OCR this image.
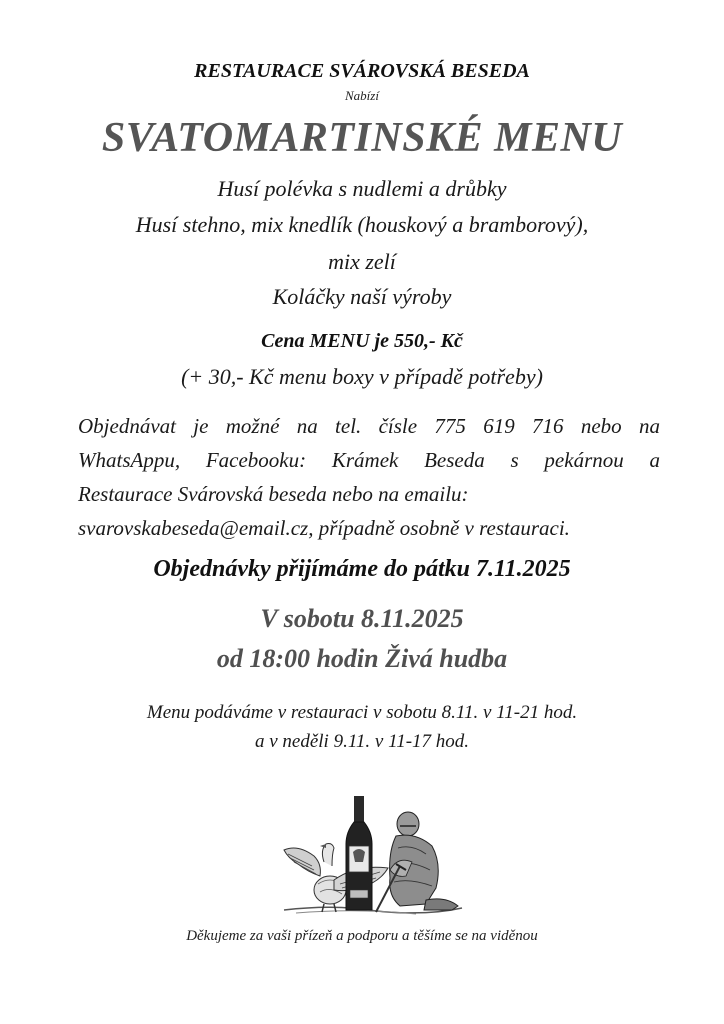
RESTAURACE SVÁROVSKÁ BESEDA
Nabízí
SVATOMARTINSKÉ MENU
Husí polévka s nudlemi a drůbky
Husí stehno, mix knedlík (houskový a bramborový),
mix zelí
Koláčky naší výroby
Cena MENU je 550,- Kč
(+ 30,- Kč menu boxy v případě potřeby)
Objednávat je možné na tel. čísle 775 619 716 nebo na
WhatsAppu, Facebooku: Krámek Beseda s pekárnou a
Restaurace Svárovská beseda nebo na emailu:
svarovskabeseda@email.cz, případně osobně v restauraci.
Objednávky přijímáme do pátku 7.11.2025
V sobotu 8.11.2025
od 18:00 hodin Živá hudba
Menu podáváme v restauraci v sobotu 8.11. v 11-21 hod.
a v neděli 9.11. v 11-17 hod.
Děkujeme za vaši přízeň a podporu a těšíme se na viděnou
